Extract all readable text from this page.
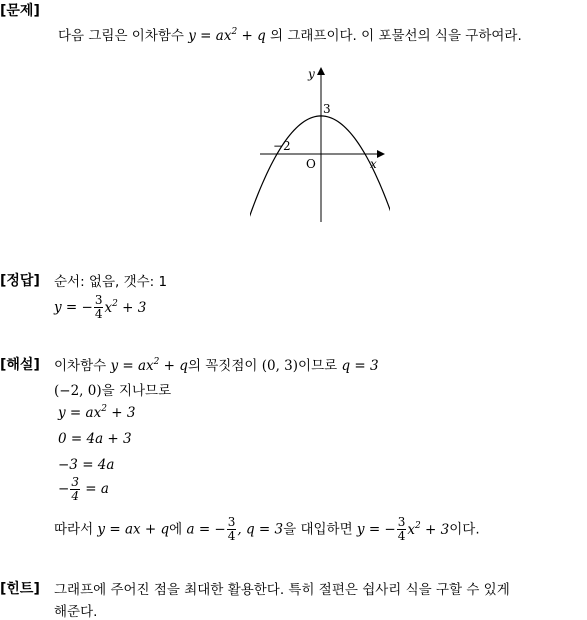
[문제]
다음 그림은 이차함수 $y = ax^2 + q$ 의 그래프이다. 이 포물선의 식을 구하여라.
y
x
O
3
−2
[정답] 순서: 없음, 갯수: 1
y = − $\frac{3}{4} x^2 + 3$
[해설] 이차함수 $y = ax^2 + q$의 꼭짓점이 (0, 3)이므로 q = 3
(−2, 0)을 지나므로
$y = ax^2 + 3$
0 = 4a + 3
−3 = 4a
− $\frac{3}{4} = a$
따라서 y = ax + q에 a = − $\frac{3}{4}$ , q = 3을 대입하면 y = − $\frac{3}{4} x^2 + 3$이다.
[힌트] 그래프에 주어진 점을 최대한 활용한다. 특히 절편은 쉽사리 식을 구할 수 있게
해준다.
